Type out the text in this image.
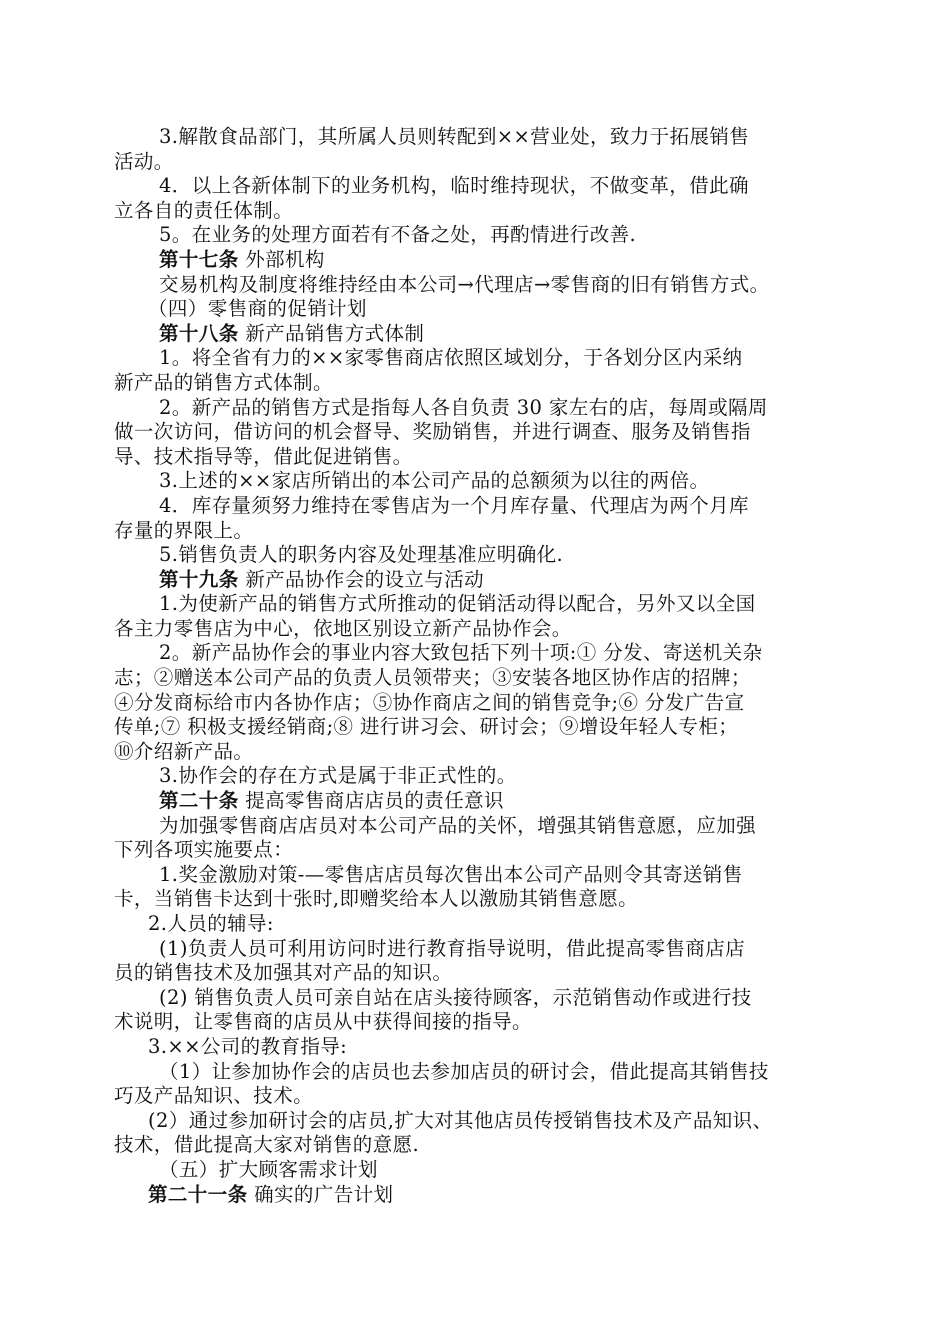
3.解散食品部门，其所属人员则转配到××营业处，致力于拓展销售
活动。
4．以上各新体制下的业务机构，临时维持现状，不做变革，借此确
立各自的责任体制。
5。在业务的处理方面若有不备之处，再酌情进行改善.
第十七条 外部机构
交易机构及制度将维持经由本公司→代理店→零售商的旧有销售方式。
（四）零售商的促销计划
第十八条 新产品销售方式体制
1。将全省有力的××家零售商店依照区域划分，于各划分区内采纳
新产品的销售方式体制。
2。新产品的销售方式是指每人各自负责 30 家左右的店，每周或隔周
做一次访问，借访问的机会督导、奖励销售，并进行调查、服务及销售指
导、技术指导等，借此促进销售。
3.上述的××家店所销出的本公司产品的总额须为以往的两倍。
4．库存量须努力维持在零售店为一个月库存量、代理店为两个月库
存量的界限上。
5.销售负责人的职务内容及处理基准应明确化.
第十九条 新产品协作会的设立与活动
1.为使新产品的销售方式所推动的促销活动得以配合，另外又以全国
各主力零售店为中心，依地区别设立新产品协作会。
2。新产品协作会的事业内容大致包括下列十项:① 分发、寄送机关杂
志；②赠送本公司产品的负责人员领带夹；③安装各地区协作店的招牌；
④分发商标给市内各协作店；⑤协作商店之间的销售竞争;⑥ 分发广告宣
传单;⑦ 积极支援经销商;⑧ 进行讲习会、研讨会；⑨增设年轻人专柜；
⑩介绍新产品。
3.协作会的存在方式是属于非正式性的。
第二十条 提高零售商店店员的责任意识
为加强零售商店店员对本公司产品的关怀，增强其销售意愿，应加强
下列各项实施要点：
1.奖金激励对策-—零售店店员每次售出本公司产品则令其寄送销售
卡，当销售卡达到十张时,即赠奖给本人以激励其销售意愿。
2.人员的辅导:
(1)负责人员可利用访问时进行教育指导说明，借此提高零售商店店
员的销售技术及加强其对产品的知识。
(2) 销售负责人员可亲自站在店头接待顾客，示范销售动作或进行技
术说明，让零售商的店员从中获得间接的指导。
3.××公司的教育指导:
（1）让参加协作会的店员也去参加店员的研讨会，借此提高其销售技
巧及产品知识、技术。
(2）通过参加研讨会的店员,扩大对其他店员传授销售技术及产品知识、
技术，借此提高大家对销售的意愿.
（五）扩大顾客需求计划
第二十一条 确实的广告计划
